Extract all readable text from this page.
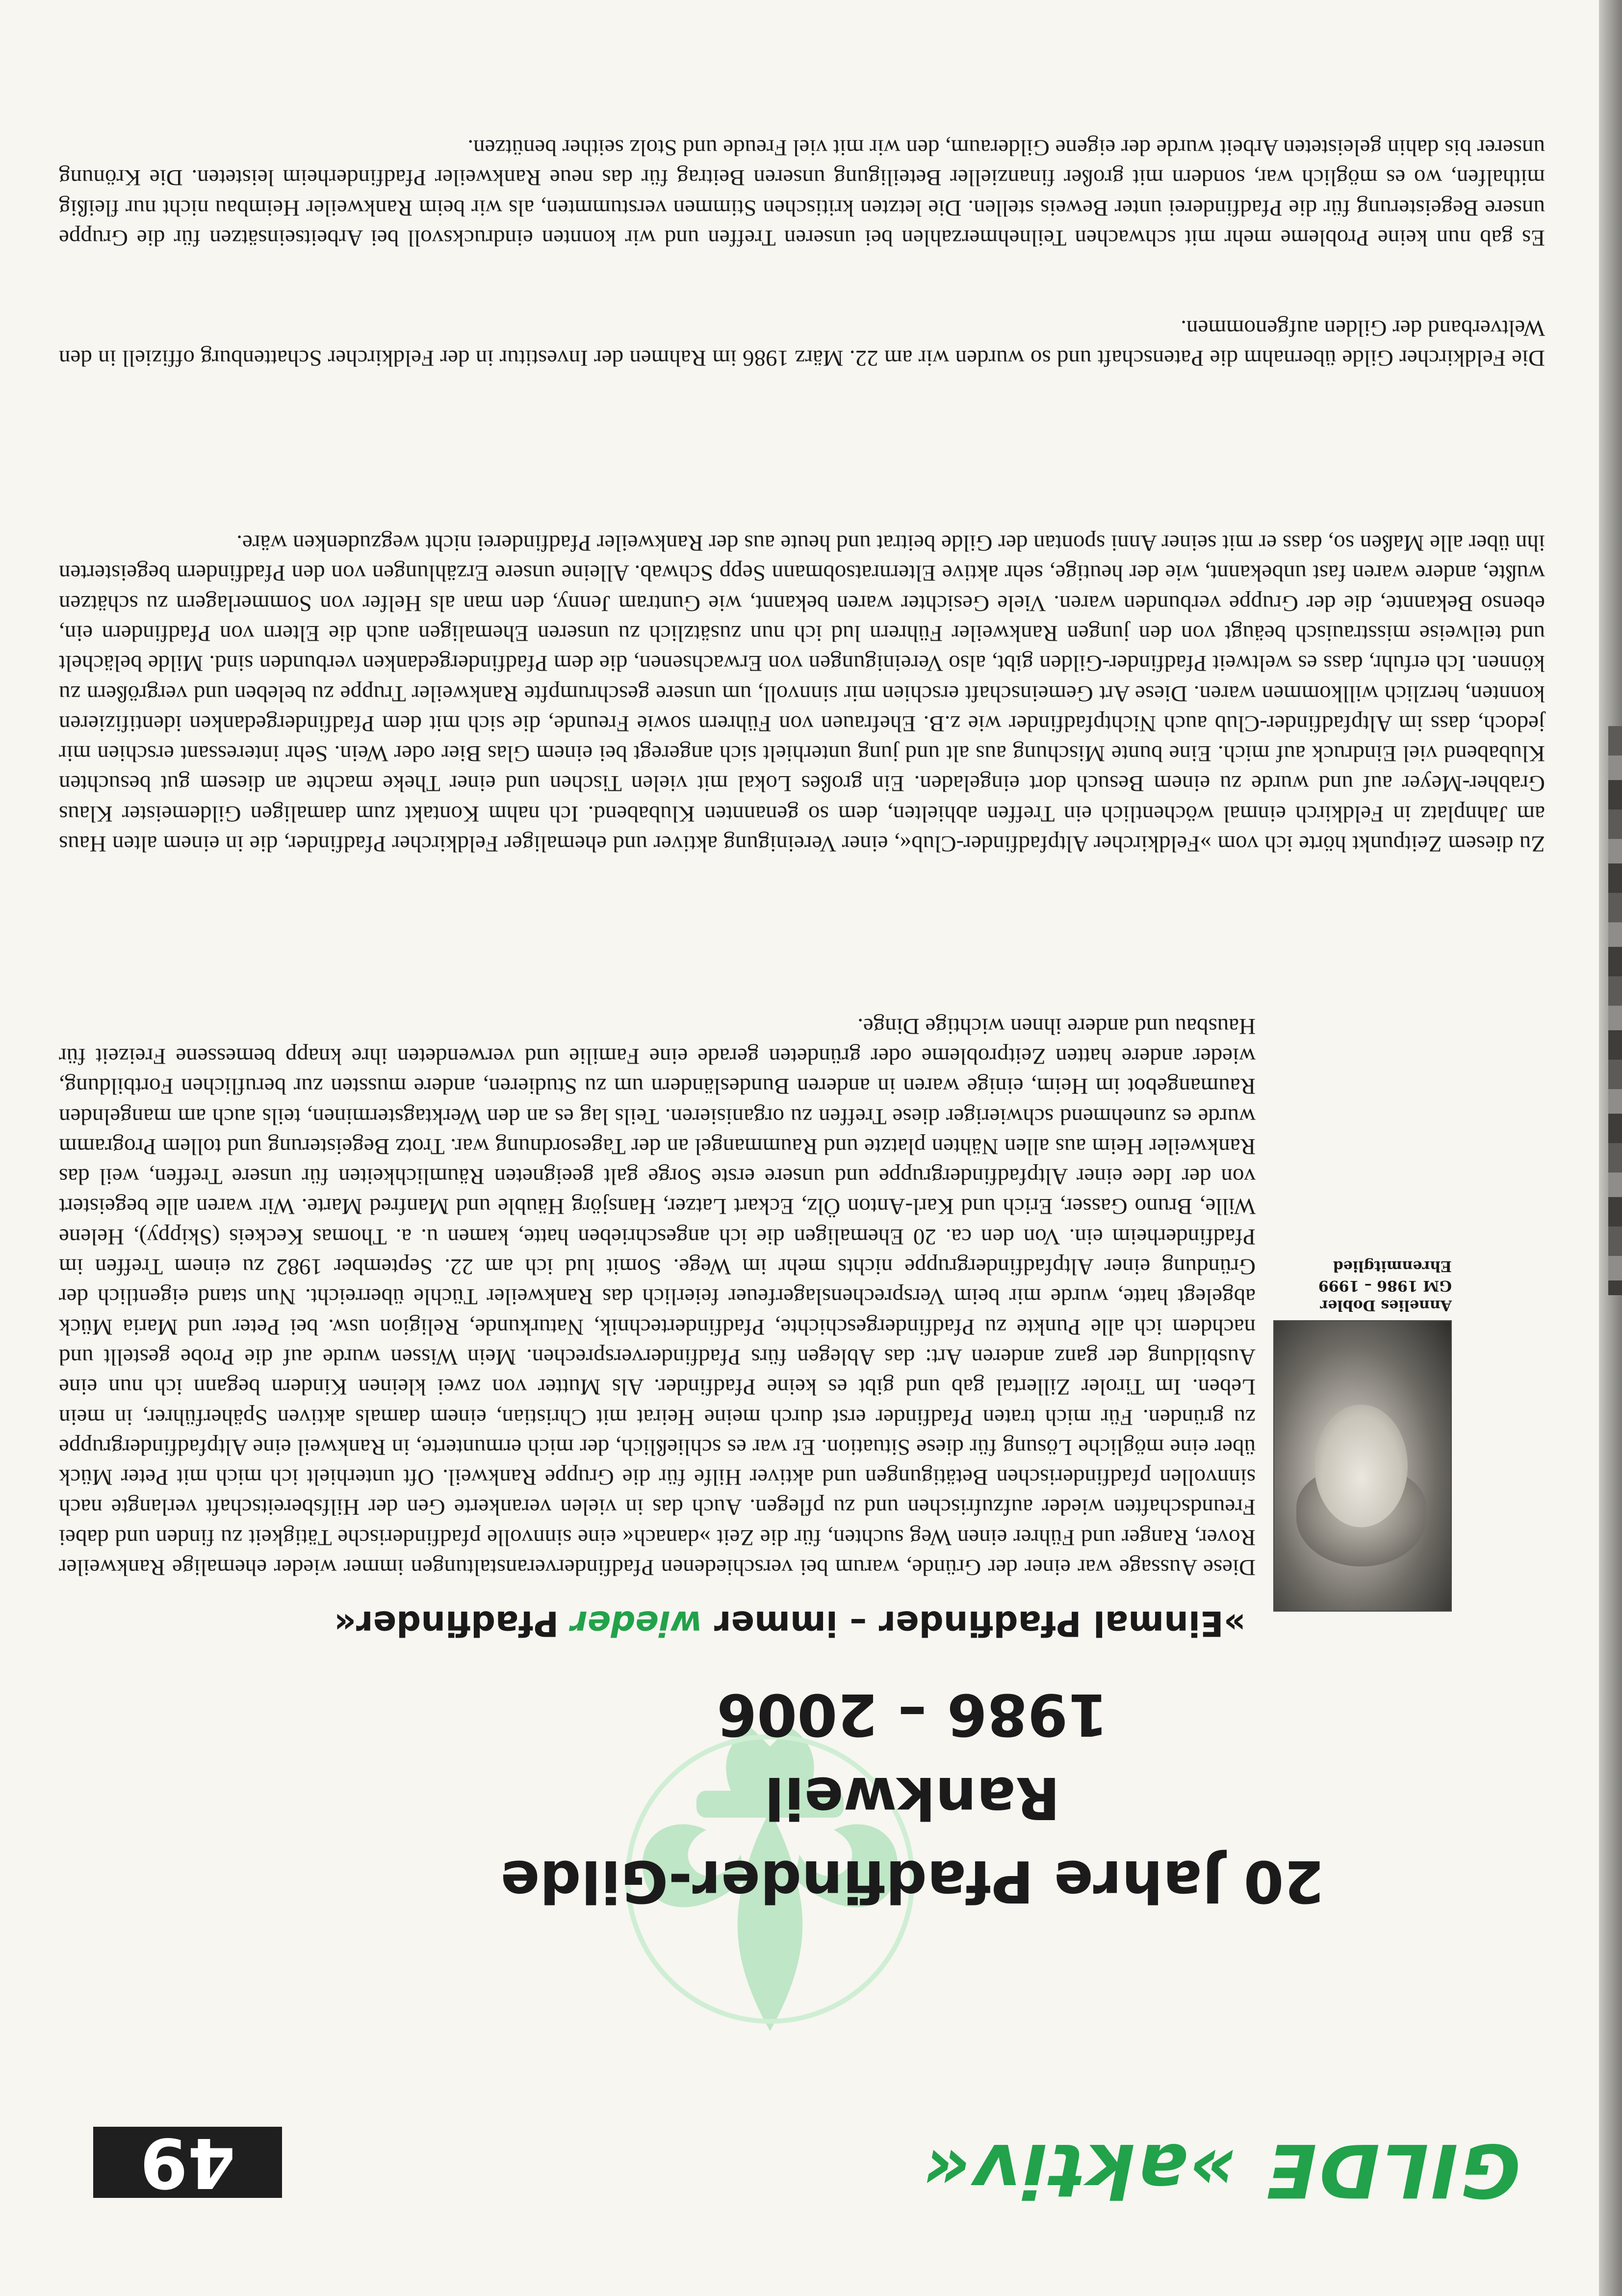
GILDE »aktiv«
49
20 Jahre Pfadfinder-Gilde Rankweil
1986 – 2006
»Einmal Pfadfinder – immer wieder Pfadfinder«
Annelies Dobler
GM 1986 – 1999
Ehrenmitglied

Diese Aussage war einer der Gründe, warum bei verschiedenen Pfadfinderveranstaltungen immer wieder ehemalige Rankweiler Rover, Ranger und Führer einen Weg suchten, für die Zeit »danach« eine sinnvolle pfadfinderische Tätigkeit zu finden und dabei Freundschaften wieder aufzufrischen und zu pflegen. Auch das in vielen verankerte Gen der Hilfsbereitschaft verlangte nach sinnvollen pfadfinderischen Betätigungen und aktiver Hilfe für die Gruppe Rankweil. Oft unterhielt ich mich mit Peter Mück über eine mögliche Lösung für diese Situation. Er war es schließlich, der mich ermunterte, in Rankweil eine Altpfadfindergruppe zu gründen. Für mich traten Pfadfinder erst durch meine Heirat mit Christian, einem damals aktiven Späherführer, in mein Leben. Im Tiroler Zillertal gab und gibt es keine Pfadfinder. Als Mutter von zwei kleinen Kindern begann ich nun eine Ausbildung der ganz anderen Art: das Ablegen fürs Pfadfinderversprechen. Mein Wissen wurde auf die Probe gestellt und nachdem ich alle Punkte zu Pfadfindergeschichte, Pfadfindertechnik, Naturkunde, Religion usw. bei Peter und Maria Mück abgelegt hatte, wurde mir beim Versprechenslagerfeuer feierlich das Rankweiler Tüchle überreicht. Nun stand eigentlich der Gründung einer Altpfadfindergruppe nichts mehr im Wege. Somit lud ich am 22. September 1982 zu einem Treffen im Pfadfinderheim ein. Von den ca. 20 Ehemaligen die ich angeschrieben hatte, kamen u. a. Thomas Keckeis (Skippy), Helene Wille, Bruno Gasser, Erich und Karl-Anton Ölz, Eckart Latzer, Hansjörg Häuble und Manfred Marte. Wir waren alle begeistert von der Idee einer Altpfadfindergruppe und unsere erste Sorge galt geeigneten Räumlichkeiten für unsere Treffen, weil das Rankweiler Heim aus allen Nähten platzte und Raummangel an der Tagesordnung war. Trotz Begeisterung und tollem Programm wurde es zunehmend schwieriger diese Treffen zu organisieren. Teils lag es an den Werktagsterminen, teils auch am mangelnden Raumangebot im Heim, einige waren in anderen Bundesländern um zu Studieren, andere mussten zur beruflichen Fortbildung, wieder andere hatten Zeitprobleme oder gründeten gerade eine Familie und verwendeten ihre knapp bemessene Freizeit für Hausbau und andere ihnen wichtige Dinge.

Zu diesem Zeitpunkt hörte ich vom »Feldkircher Altpfadfinder-Club«, einer Vereinigung aktiver und ehemaliger Feldkircher Pfadfinder, die in einem alten Haus am Jahnplatz in Feldkirch einmal wöchentlich ein Treffen abhielten, dem so genannten Klubabend. Ich nahm Kontakt zum damaligen Gildemeister Klaus Grabher-Meyer auf und wurde zu einem Besuch dort eingeladen. Ein großes Lokal mit vielen Tischen und einer Theke machte an diesem gut besuchten Klubabend viel Eindruck auf mich. Eine bunte Mischung aus alt und jung unterhielt sich angeregt bei einem Glas Bier oder Wein. Sehr interessant erschien mir jedoch, dass im Altpfadfinder-Club auch Nichtpfadfinder wie z.B. Ehefrauen von Führern sowie Freunde, die sich mit dem Pfadfindergedanken identifizieren konnten, herzlich willkommen waren. Diese Art Gemeinschaft erschien mir sinnvoll, um unsere geschrumpfte Rankweiler Truppe zu beleben und vergrößern zu können. Ich erfuhr, dass es weltweit Pfadfinder-Gilden gibt, also Vereinigungen von Erwachsenen, die dem Pfadfindergedanken verbunden sind. Milde belächelt und teilweise misstrauisch beäugt von den jungen Rankweiler Führern lud ich nun zusätzlich zu unseren Ehemaligen auch die Eltern von Pfadfindern ein, ebenso Bekannte, die der Gruppe verbunden waren. Viele Gesichter waren bekannt, wie Guntram Jenny, den man als Helfer von Sommerlagern zu schätzen wußte, andere waren fast unbekannt, wie der heutige, sehr aktive Elternratsobmann Sepp Schwab. Alleine unsere Erzählungen von den Pfadfindern begeisterten ihn über alle Maßen so, dass er mit seiner Anni spontan der Gilde beitrat und heute aus der Rankweiler Pfadfinderei nicht wegzudenken wäre.

Die Feldkircher Gilde übernahm die Patenschaft und so wurden wir am 22. März 1986 im Rahmen der Investitur in der Feldkircher Schattenburg offiziell in den Weltverband der Gilden aufgenommen.

Es gab nun keine Probleme mehr mit schwachen Teilnehmerzahlen bei unseren Treffen und wir konnten eindrucksvoll bei Arbeitseinsätzen für die Gruppe unsere Begeisterung für die Pfadfinderei unter Beweis stellen. Die letzten kritischen Stimmen verstummten, als wir beim Rankweiler Heimbau nicht nur fleißig mithalfen, wo es möglich war, sondern mit großer finanzieller Beteiligung unseren Beitrag für das neue Rankweiler Pfadfinderheim leisteten. Die Krönung unserer bis dahin geleisteten Arbeit wurde der eigene Gilderaum, den wir mit viel Freude und Stolz seither benützen.
